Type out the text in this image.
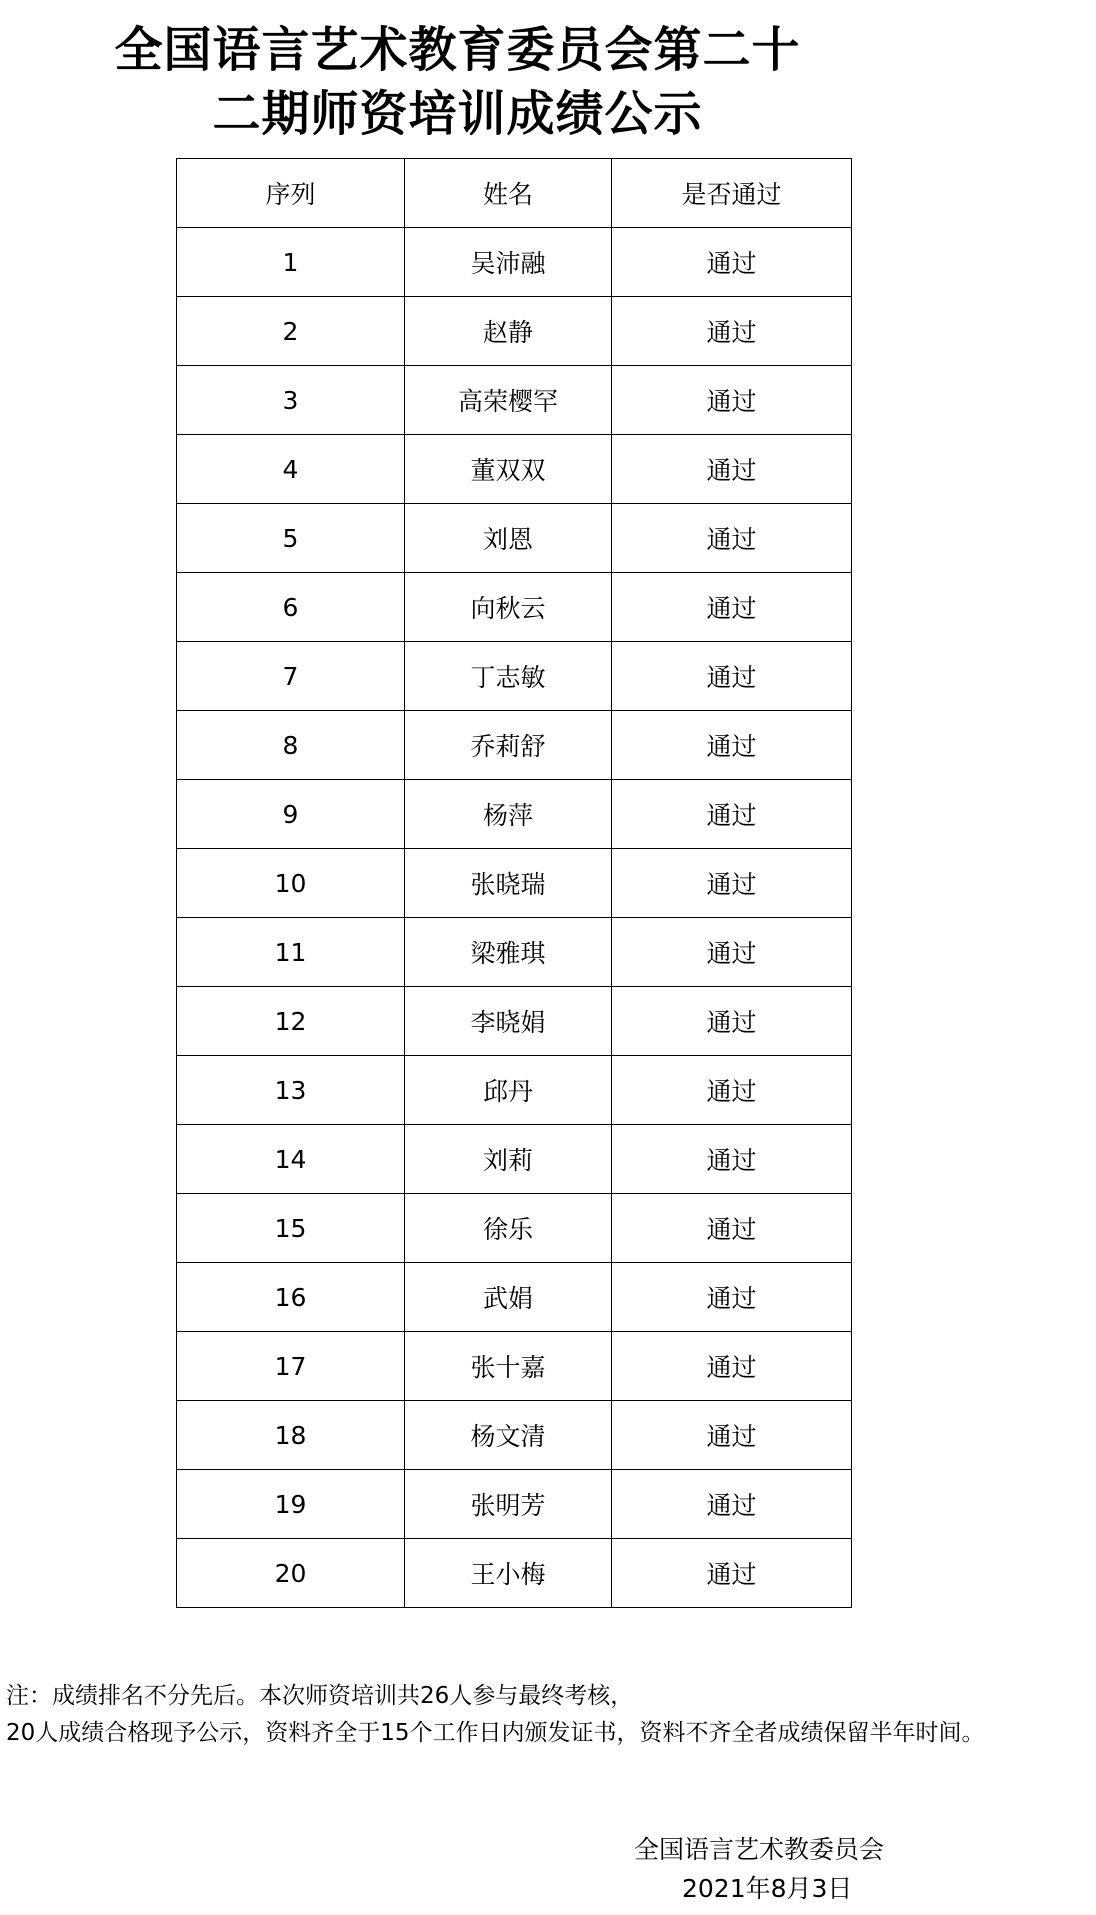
全国语言艺术教育委员会第二十
二期师资培训成绩公示
序列	姓名	是否通过
1	吴沛融	通过
2	赵静	通过
3	高荣樱罕	通过
4	董双双	通过
5	刘恩	通过
6	向秋云	通过
7	丁志敏	通过
8	乔莉舒	通过
9	杨萍	通过
10	张晓瑞	通过
11	梁雅琪	通过
12	李晓娟	通过
13	邱丹	通过
14	刘莉	通过
15	徐乐	通过
16	武娟	通过
17	张十嘉	通过
18	杨文清	通过
19	张明芳	通过
20	王小梅	通过
注：成绩排名不分先后。本次师资培训共26人参与最终考核，
20人成绩合格现予公示，资料齐全于15个工作日内颁发证书，资料不齐全者成绩保留半年时间。
全国语言艺术教委员会
2021年8月3日
